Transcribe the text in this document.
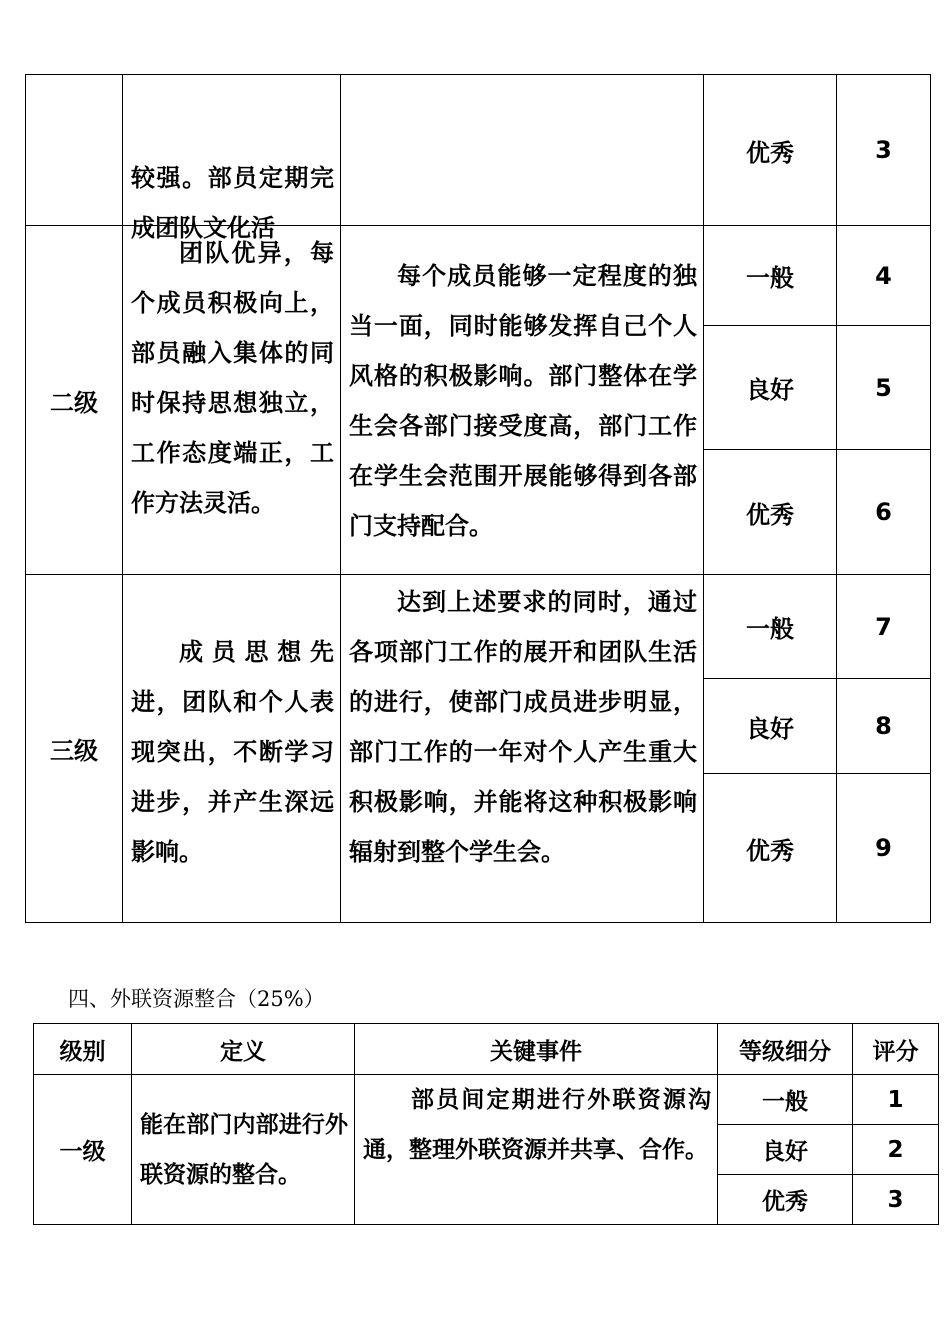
	较强。部员定期完成团队文化活		优秀	3
二级	团队优异，每个成员积极向上，部员融入集体的同时保持思想独立，工作态度端正，工作方法灵活。	每个成员能够一定程度的独当一面，同时能够发挥自己个人风格的积极影响。部门整体在学生会各部门接受度高，部门工作在学生会范围开展能够得到各部门支持配合。	一般	4
			良好	5
			优秀	6
三级	成员思想先进，团队和个人表现突出，不断学习进步，并产生深远影响。	达到上述要求的同时，通过各项部门工作的展开和团队生活的进行，使部门成员进步明显，部门工作的一年对个人产生重大积极影响，并能将这种积极影响辐射到整个学生会。	一般	7
			良好	8
			优秀	9
四、外联资源整合（25%）
级别	定义	关键事件	等级细分	评分
一级	能在部门内部进行外联资源的整合。	部员间定期进行外联资源沟通，整理外联资源并共享、合作。	一般	1
			良好	2
			优秀	3
